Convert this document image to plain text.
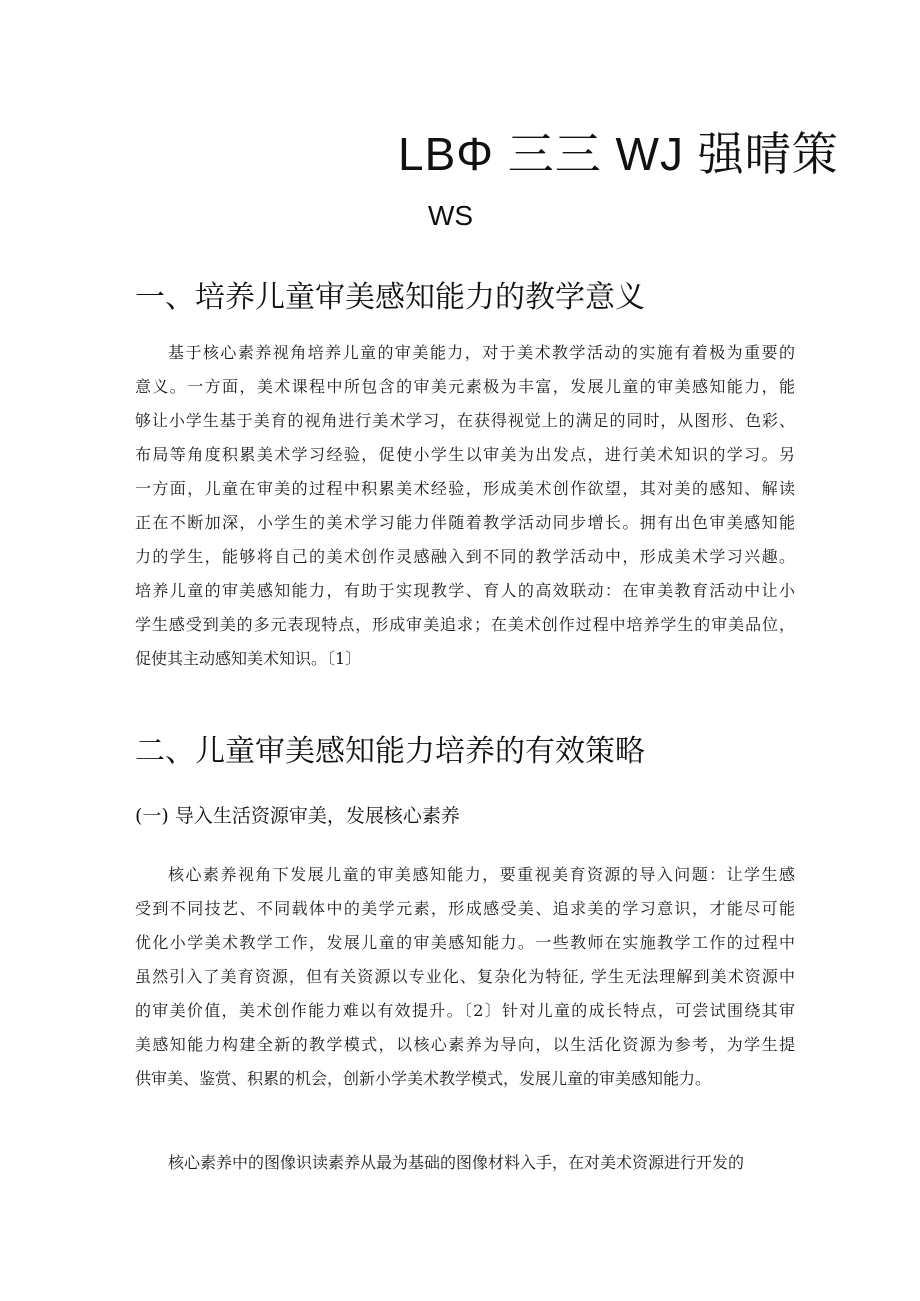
LBΦ 三三 WJ 强晴策
WS
一、培养儿童审美感知能力的教学意义
基于核心素养视角培养儿童的审美能力，对于美术教学活动的实施有着极为重要的
意义。一方面，美术课程中所包含的审美元素极为丰富，发展儿童的审美感知能力，能
够让小学生基于美育的视角进行美术学习，在获得视觉上的满足的同时，从图形、色彩、
布局等角度积累美术学习经验，促使小学生以审美为出发点，进行美术知识的学习。另
一方面，儿童在审美的过程中积累美术经验，形成美术创作欲望，其对美的感知、解读
正在不断加深，小学生的美术学习能力伴随着教学活动同步增长。拥有出色审美感知能
力的学生，能够将自己的美术创作灵感融入到不同的教学活动中，形成美术学习兴趣。
培养儿童的审美感知能力，有助于实现教学、育人的高效联动：在审美教育活动中让小
学生感受到美的多元表现特点，形成审美追求；在美术创作过程中培养学生的审美品位，
促使其主动感知美术知识。〔1〕
二、儿童审美感知能力培养的有效策略
(一) 导入生活资源审美，发展核心素养
核心素养视角下发展儿童的审美感知能力，要重视美育资源的导入问题：让学生感
受到不同技艺、不同载体中的美学元素，形成感受美、追求美的学习意识，才能尽可能
优化小学美术教学工作，发展儿童的审美感知能力。一些教师在实施教学工作的过程中
虽然引入了美育资源，但有关资源以专业化、复杂化为特征, 学生无法理解到美术资源中
的审美价值，美术创作能力难以有效提升。〔2〕针对儿童的成长特点，可尝试围绕其审
美感知能力构建全新的教学模式，以核心素养为导向，以生活化资源为参考，为学生提
供审美、鉴赏、积累的机会，创新小学美术教学模式，发展儿童的审美感知能力。
核心素养中的图像识读素养从最为基础的图像材料入手，在对美术资源进行开发的
